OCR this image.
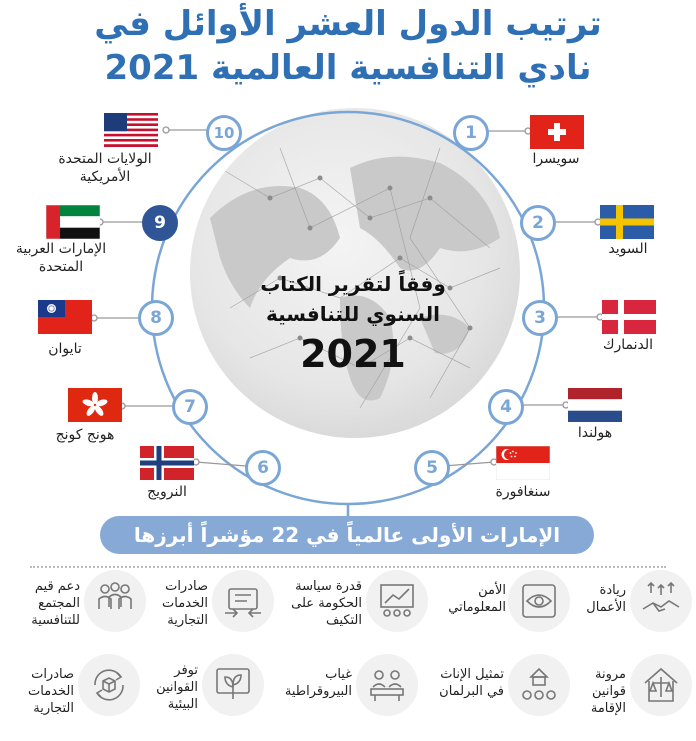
ترتيب الدول العشر الأوائل في
نادي التنافسية العالمية 2021
وفقاً لتقرير الكتاب
السنوي للتنافسية
2021
1
2
3
4
5
6
7
8
9
10
سويسرا
السويد
الدنمارك
هولندا
سنغافورة
النرويج
هونج كونج
تايوان
الإمارات العربية
المتحدة
الولايات المتحدة
الأمريكية
الإمارات الأولى عالمياً في 22 مؤشراً أبرزها
ريادة
الأعمال
الأمن
المعلوماتي
قدرة سياسة
الحكومة على
التكيف
صادرات
الخدمات
التجارية
دعم قيم
المجتمع
للتنافسية
مرونة
قوانين
الإقامة
تمثيل الإناث
في البرلمان
غياب
البيروقراطية
توفر
القوانين
البيئية
صادرات
الخدمات
التجارية
